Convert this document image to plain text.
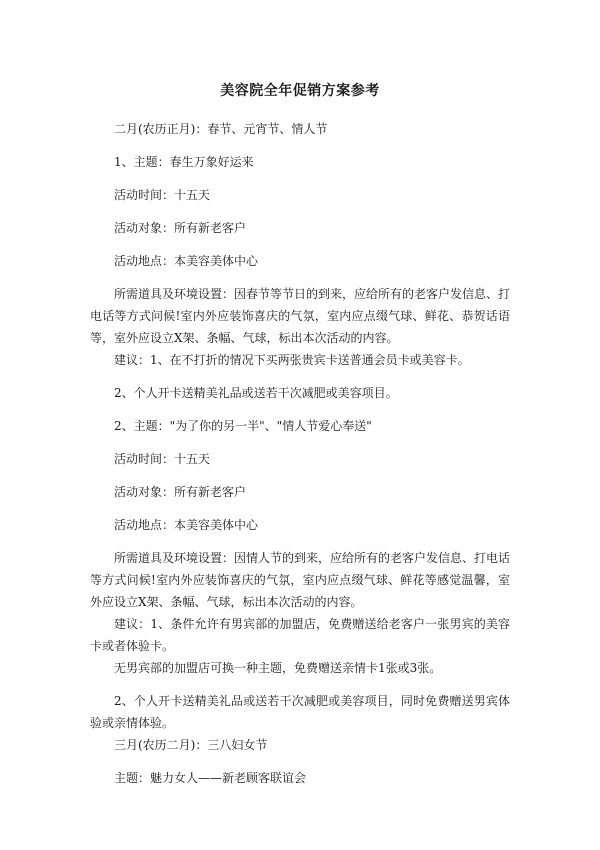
美容院全年促销方案参考
二月(农历正月)：春节、元宵节、情人节
1、主题：春生万象好运来
活动时间：十五天
活动对象：所有新老客户
活动地点：本美容美体中心
所需道具及环境设置：因春节等节日的到来，应给所有的老客户发信息、打电话等方式问候!室内外应装饰喜庆的气氛，室内应点缀气球、鲜花、恭贺话语等，室外应设立X架、条幅、气球，标出本次活动的内容。
建议：1、在不打折的情况下买两张贵宾卡送普通会员卡或美容卡。
2、个人开卡送精美礼品或送若干次减肥或美容项目。
2、主题："为了你的另一半"、"情人节爱心奉送"
活动时间：十五天
活动对象：所有新老客户
活动地点：本美容美体中心
所需道具及环境设置：因情人节的到来，应给所有的老客户发信息、打电话等方式问候!室内外应装饰喜庆的气氛，室内应点缀气球、鲜花等感觉温馨，室外应设立X架、条幅、气球，标出本次活动的内容。
建议：1、条件允许有男宾部的加盟店，免费赠送给老客户一张男宾的美容卡或者体验卡。
无男宾部的加盟店可换一种主题，免费赠送亲情卡1张或3张。
2、个人开卡送精美礼品或送若干次减肥或美容项目，同时免费赠送男宾体验或亲情体验。
三月(农历二月)：三八妇女节
主题：魅力女人——新老顾客联谊会
